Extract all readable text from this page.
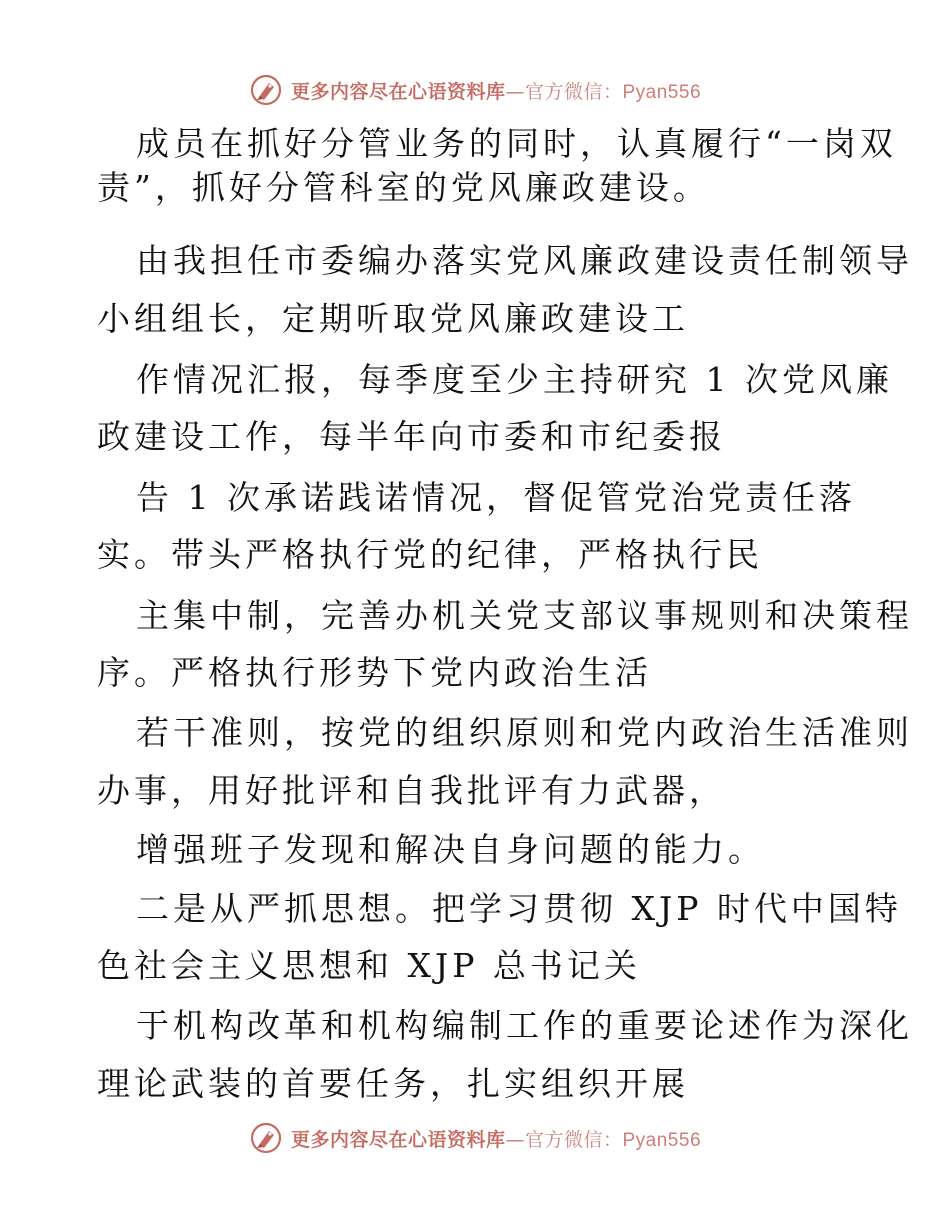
更多内容尽在心语资料库—官方微信：Pyan556
成员在抓好分管业务的同时，认真履行“一岗双
责”，抓好分管科室的党风廉政建设。
由我担任市委编办落实党风廉政建设责任制领导
小组组长，定期听取党风廉政建设工
作情况汇报，每季度至少主持研究 1 次党风廉
政建设工作，每半年向市委和市纪委报
告 1 次承诺践诺情况，督促管党治党责任落
实。带头严格执行党的纪律，严格执行民
主集中制，完善办机关党支部议事规则和决策程
序。严格执行形势下党内政治生活
若干准则，按党的组织原则和党内政治生活准则
办事，用好批评和自我批评有力武器，
增强班子发现和解决自身问题的能力。
二是从严抓思想。把学习贯彻 XJP 时代中国特
色社会主义思想和 XJP 总书记关
于机构改革和机构编制工作的重要论述作为深化
理论武装的首要任务，扎实组织开展
更多内容尽在心语资料库—官方微信：Pyan556
